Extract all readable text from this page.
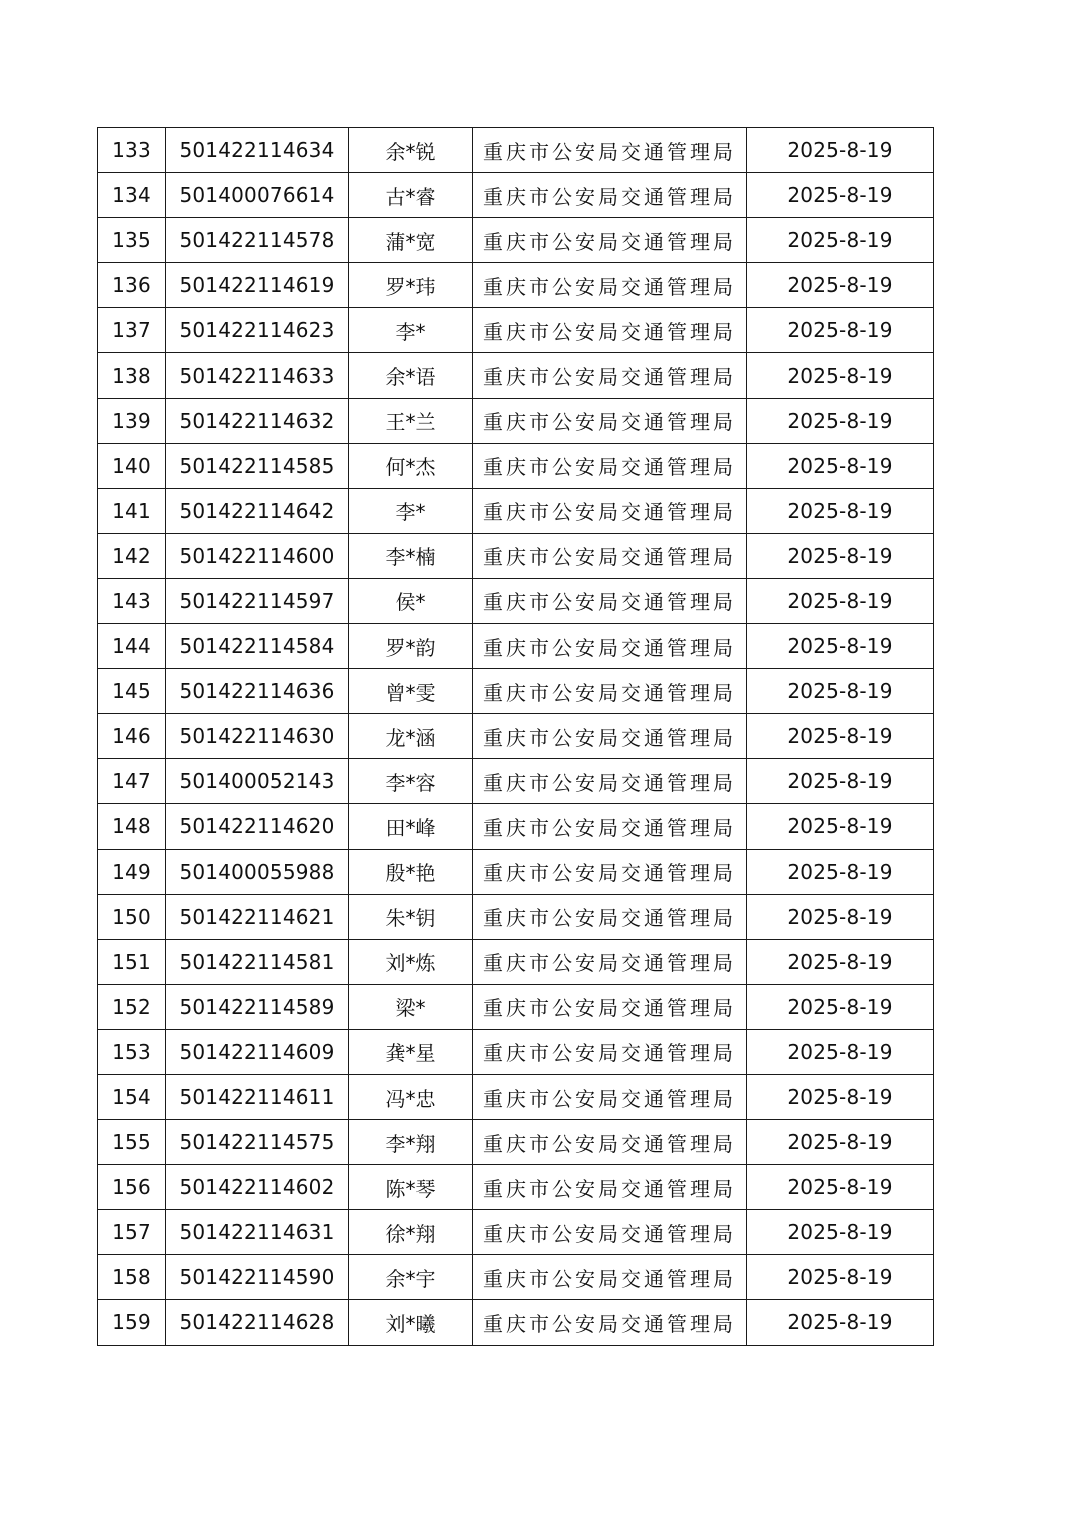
133	501422114634	余*锐	重庆市公安局交通管理局	2025-8-19
134	501400076614	古*睿	重庆市公安局交通管理局	2025-8-19
135	501422114578	蒲*宽	重庆市公安局交通管理局	2025-8-19
136	501422114619	罗*玮	重庆市公安局交通管理局	2025-8-19
137	501422114623	李*	重庆市公安局交通管理局	2025-8-19
138	501422114633	余*语	重庆市公安局交通管理局	2025-8-19
139	501422114632	王*兰	重庆市公安局交通管理局	2025-8-19
140	501422114585	何*杰	重庆市公安局交通管理局	2025-8-19
141	501422114642	李*	重庆市公安局交通管理局	2025-8-19
142	501422114600	李*楠	重庆市公安局交通管理局	2025-8-19
143	501422114597	侯*	重庆市公安局交通管理局	2025-8-19
144	501422114584	罗*韵	重庆市公安局交通管理局	2025-8-19
145	501422114636	曾*雯	重庆市公安局交通管理局	2025-8-19
146	501422114630	龙*涵	重庆市公安局交通管理局	2025-8-19
147	501400052143	李*容	重庆市公安局交通管理局	2025-8-19
148	501422114620	田*峰	重庆市公安局交通管理局	2025-8-19
149	501400055988	殷*艳	重庆市公安局交通管理局	2025-8-19
150	501422114621	朱*钥	重庆市公安局交通管理局	2025-8-19
151	501422114581	刘*炼	重庆市公安局交通管理局	2025-8-19
152	501422114589	梁*	重庆市公安局交通管理局	2025-8-19
153	501422114609	龚*星	重庆市公安局交通管理局	2025-8-19
154	501422114611	冯*忠	重庆市公安局交通管理局	2025-8-19
155	501422114575	李*翔	重庆市公安局交通管理局	2025-8-19
156	501422114602	陈*琴	重庆市公安局交通管理局	2025-8-19
157	501422114631	徐*翔	重庆市公安局交通管理局	2025-8-19
158	501422114590	余*宇	重庆市公安局交通管理局	2025-8-19
159	501422114628	刘*曦	重庆市公安局交通管理局	2025-8-19
